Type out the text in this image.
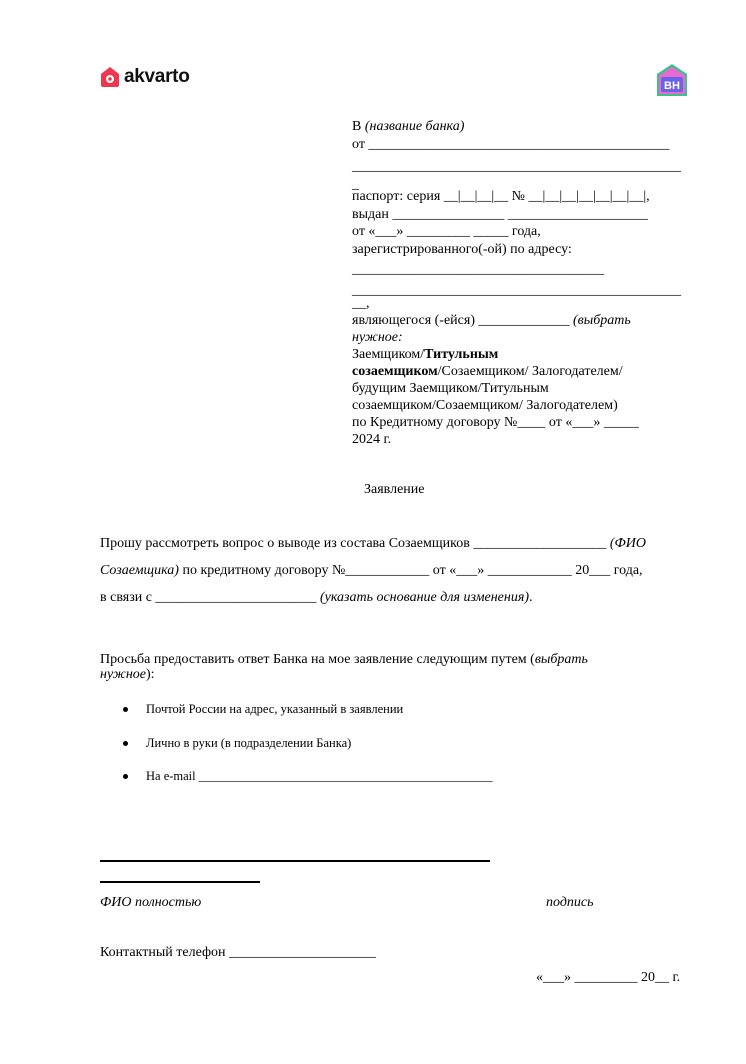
akvarto	BH
В (название банка)
от ___________________________________________
_______________________________________________
_
паспорт: серия __|__|__|__ № __|__|__|__|__|__|__|,
выдан ________________ ____________________
от «___» _________ _____ года,
зарегистрированного(-ой) по адресу:
____________________________________
_______________________________________________
__,
являющегося (-ейся) _____________ (выбрать
нужное:
Заемщиком/Титульным
созаемщиком/Созаемщиком/ Залогодателем/
будущим Заемщиком/Титульным
созаемщиком/Созаемщиком/ Залогодателем)
по Кредитному договору №____ от «___» _____
2024 г.
Заявление
Прошу рассмотреть вопрос о выводе из состава Созаемщиков ___________________ (ФИО
Созаемщика) по кредитному договору №____________ от «___» ____________ 20___ года,
в связи с _______________________ (указать основание для изменения).
Просьба предоставить ответ Банка на мое заявление следующим путем (выбрать
нужное):
Почтой России на адрес, указанный в заявлении
Лично в руки (в подразделении Банка)
На e-mail _______________________________________________
ФИО полностью	подпись
Контактный телефон _____________________
«___» _________ 20__ г.
